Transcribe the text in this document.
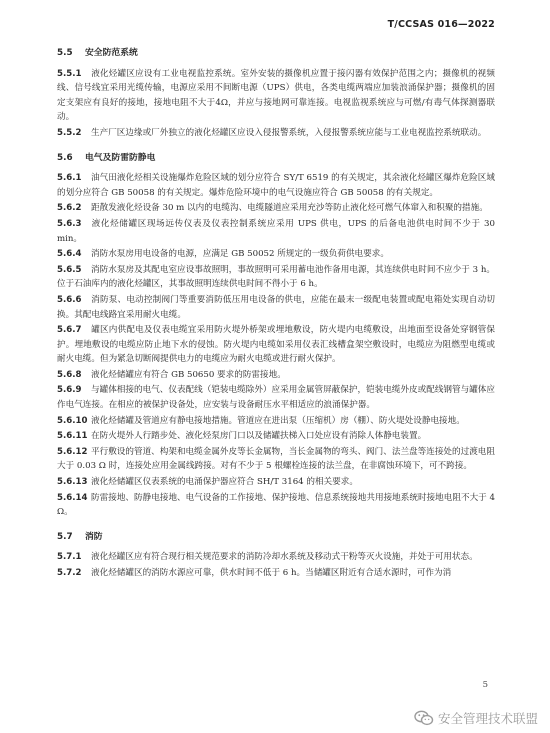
T/CCSAS 016—2022
5.5 安全防范系统

5.5.1 液化烃罐区应设有工业电视监控系统。室外安装的摄像机应置于接闪器有效保护范围之内；摄像机的视频线、信号线宜采用光缆传输，电源应采用不间断电源（UPS）供电，各类电缆两端应加装浪涌保护器；摄像机的固定支架应有良好的接地，接地电阻不大于4Ω，并应与接地网可靠连接。电视监视系统应与可燃/有毒气体探测器联动。

5.5.2 生产厂区边缘或厂外独立的液化烃罐区应设入侵报警系统，入侵报警系统应能与工业电视监控系统联动。

5.6 电气及防雷防静电

5.6.1 油气田液化烃相关设施爆炸危险区域的划分应符合 SY/T 6519 的有关规定，其余液化烃罐区爆炸危险区域的划分应符合 GB 50058 的有关规定。爆炸危险环境中的电气设施应符合 GB 50058 的有关规定。

5.6.2 距散发液化烃设备 30 m 以内的电缆沟、电缆隧道应采用充沙等防止液化烃可燃气体窜入和积聚的措施。

5.6.3 液化烃储罐区现场远传仪表及仪表控制系统应采用 UPS 供电，UPS 的后备电池供电时间不少于 30 min。

5.6.4 消防水泵房用电设备的电源，应满足 GB 50052 所规定的一级负荷供电要求。

5.6.5 消防水泵房及其配电室应设事故照明，事故照明可采用蓄电池作备用电源，其连续供电时间不应少于 3 h。位于石油库内的液化烃罐区，其事故照明连续供电时间不得小于 6 h。

5.6.6 消防泵、电动控制阀门等重要消防低压用电设备的供电，应能在最末一级配电装置或配电箱处实现自动切换。其配电线路宜采用耐火电缆。

5.6.7 罐区内供配电及仪表电缆宜采用防火堤外桥架或埋地敷设，防火堤内电缆敷设，出地面至设备处穿钢管保护。埋地敷设的电缆应防止地下水的侵蚀。防火堤内电缆如采用仪表汇线槽盒架空敷设时，电缆应为阻燃型电缆或耐火电缆。但为紧急切断阀提供电力的电缆应为耐火电缆或进行耐火保护。

5.6.8 液化烃储罐应有符合 GB 50650 要求的防雷接地。

5.6.9 与罐体相接的电气、仪表配线（铠装电缆除外）应采用金属管屏蔽保护，铠装电缆外皮或配线钢管与罐体应作电气连接。在相应的被保护设备处，应安装与设备耐压水平相适应的浪涌保护器。

5.6.10 液化烃储罐及管道应有静电接地措施。管道应在进出泵（压缩机）房（棚）、防火堤处设静电接地。

5.6.11 在防火堤外人行踏步处、液化烃泵房门口以及储罐扶梯入口处应设有消除人体静电装置。

5.6.12 平行敷设的管道、构架和电缆金属外皮等长金属物，当长金属物的弯头、阀门、法兰盘等连接处的过渡电阻大于 0.03 Ω 时，连接处应用金属线跨接。对有不少于 5 根螺栓连接的法兰盘，在非腐蚀环境下，可不跨接。

5.6.13 液化烃储罐区仪表系统的电涌保护器应符合 SH/T 3164 的相关要求。

5.6.14 防雷接地、防静电接地、电气设备的工作接地、保护接地、信息系统接地共用接地系统时接地电阻不大于 4 Ω。

5.7 消防

5.7.1 液化烃罐区应有符合现行相关规范要求的消防冷却水系统及移动式干粉等灭火设施，并处于可用状态。

5.7.2 液化烃储罐区的消防水源应可靠，供水时间不低于 6 h。当储罐区附近有合适水源时，可作为消

5
安全管理技术联盟
